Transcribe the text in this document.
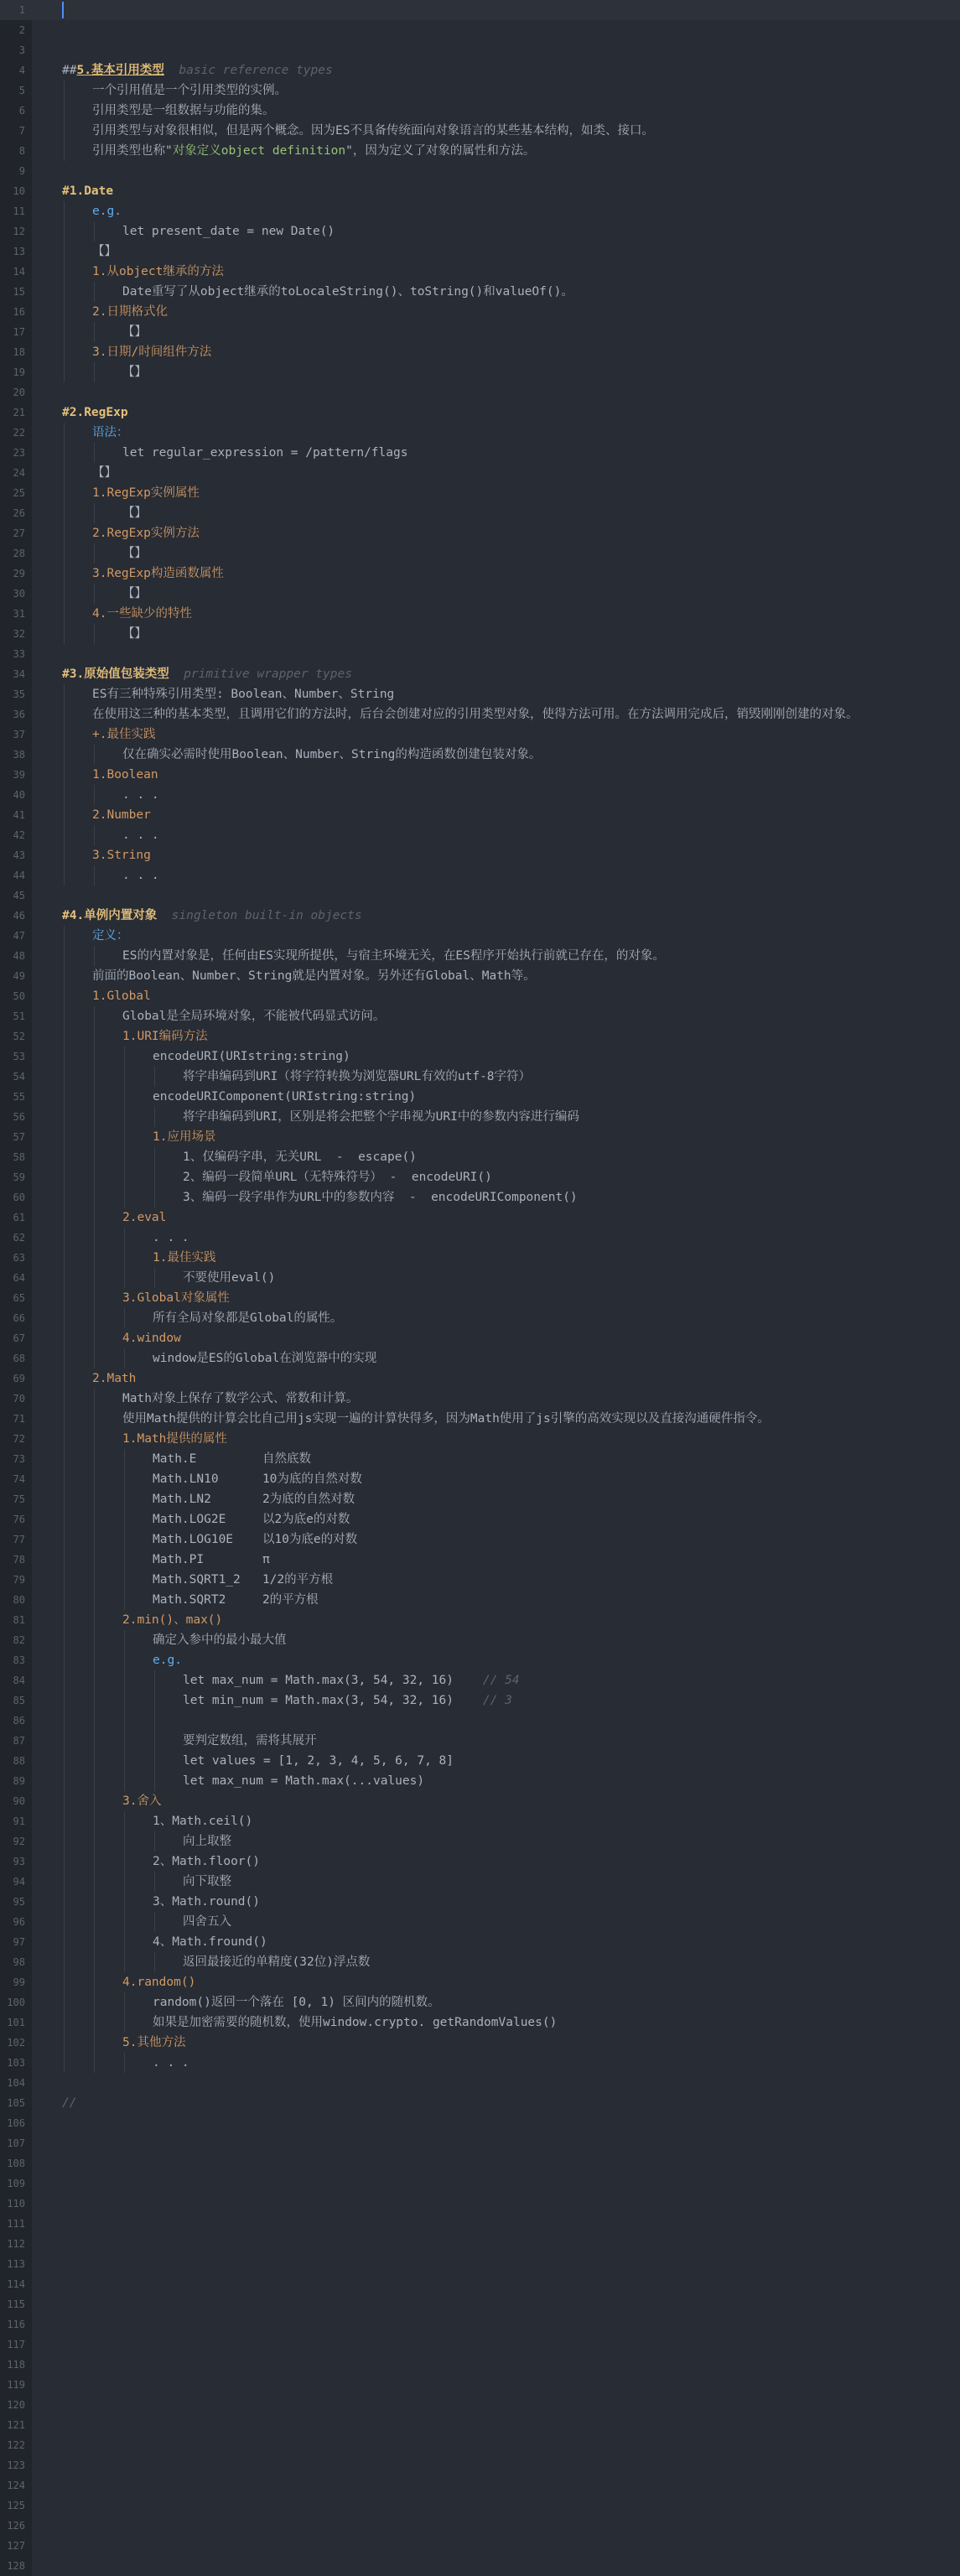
1
2
3
4	##5.基本引用类型  basic reference types
5	一个引用值是一个引用类型的实例。
6	引用类型是一组数据与功能的集。
7	引用类型与对象很相似，但是两个概念。因为ES不具备传统面向对象语言的某些基本结构，如类、接口。
8	引用类型也称"对象定义object definition"，因为定义了对象的属性和方法。
9
10	#1.Date
11	e.g.
12	let present_date = new Date()
13	【】
14	1.从object继承的方法
15	Date重写了从object继承的toLocaleString()、toString()和valueOf()。
16	2.日期格式化
17	【】
18	3.日期/时间组件方法
19	【】
20
21	#2.RegExp
22	语法：
23	let regular_expression = /pattern/flags
24	【】
25	1.RegExp实例属性
26	【】
27	2.RegExp实例方法
28	【】
29	3.RegExp构造函数属性
30	【】
31	4.一些缺少的特性
32	【】
33
34	#3.原始值包装类型  primitive wrapper types
35	ES有三种特殊引用类型: Boolean、Number、String
36	在使用这三种的基本类型，且调用它们的方法时，后台会创建对应的引用类型对象，使得方法可用。在方法调用完成后，销毁刚刚创建的对象。
37	+.最佳实践
38	仅在确实必需时使用Boolean、Number、String的构造函数创建包装对象。
39	1.Boolean
40	. . .
41	2.Number
42	. . .
43	3.String
44	. . .
45
46	#4.单例内置对象  singleton built-in objects
47	定义：
48	ES的内置对象是，任何由ES实现所提供，与宿主环境无关，在ES程序开始执行前就已存在，的对象。
49	前面的Boolean、Number、String就是内置对象。另外还有Global、Math等。
50	1.Global
51	Global是全局环境对象，不能被代码显式访问。
52	1.URI编码方法
53	encodeURI(URIstring:string)
54	将字串编码到URI（将字符转换为浏览器URL有效的utf-8字符）
55	encodeURIComponent(URIstring:string)
56	将字串编码到URI，区别是将会把整个字串视为URI中的参数内容进行编码
57	1.应用场景
58	1、仅编码字串，无关URL  -  escape()
59	2、编码一段简单URL（无特殊符号） -  encodeURI()
60	3、编码一段字串作为URL中的参数内容  -  encodeURIComponent()
61	2.eval
62	. . .
63	1.最佳实践
64	不要使用eval()
65	3.Global对象属性
66	所有全局对象都是Global的属性。
67	4.window
68	window是ES的Global在浏览器中的实现
69	2.Math
70	Math对象上保存了数学公式、常数和计算。
71	使用Math提供的计算会比自己用js实现一遍的计算快得多，因为Math使用了js引擎的高效实现以及直接沟通硬件指令。
72	1.Math提供的属性
73	Math.E         自然底数
74	Math.LN10      10为底的自然对数
75	Math.LN2       2为底的自然对数
76	Math.LOG2E     以2为底e的对数
77	Math.LOG10E    以10为底e的对数
78	Math.PI        π
79	Math.SQRT1_2   1/2的平方根
80	Math.SQRT2     2的平方根
81	2.min()、max()
82	确定入参中的最小最大值
83	e.g.
84	let max_num = Math.max(3, 54, 32, 16)    // 54
85	let min_num = Math.max(3, 54, 32, 16)    // 3
86
87	要判定数组，需将其展开
88	let values = [1, 2, 3, 4, 5, 6, 7, 8]
89	let max_num = Math.max(...values)
90	3.舍入
91	1、Math.ceil()
92	向上取整
93	2、Math.floor()
94	向下取整
95	3、Math.round()
96	四舍五入
97	4、Math.fround()
98	返回最接近的单精度(32位)浮点数
99	4.random()
100	random()返回一个落在 [0, 1) 区间内的随机数。
101	如果是加密需要的随机数，使用window.crypto. getRandomValues()
102	5.其他方法
103	. . .
104
105	//
106
107
108
109
110
111
112
113
114
115
116
117
118
119
120
121
122
123
124
125
126
127
128
